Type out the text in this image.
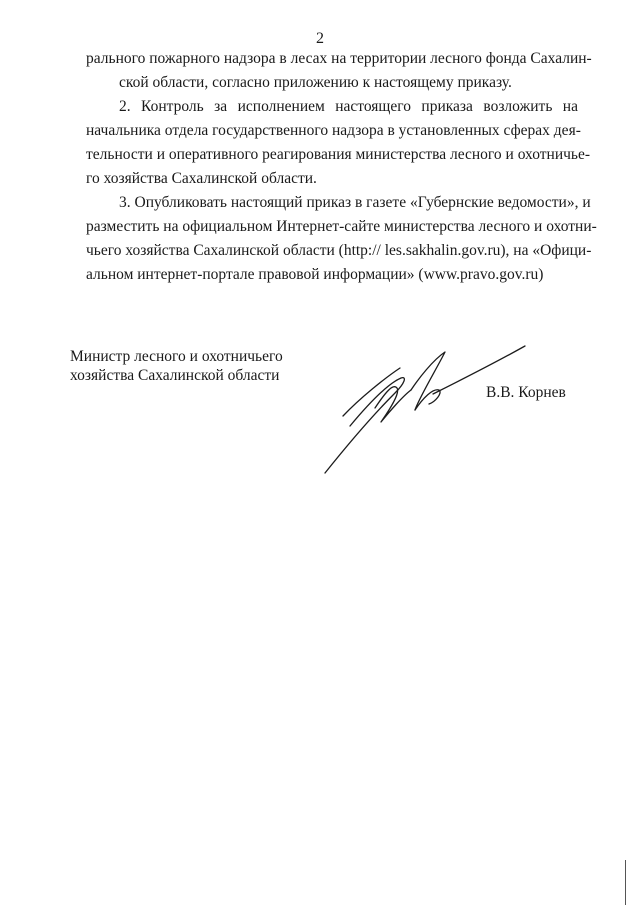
2
рального пожарного надзора в лесах на территории лесного фонда Сахалин-
ской области, согласно приложению к настоящему приказу.
2. Контроль за исполнением настоящего приказа возложить на
начальника отдела государственного надзора в установленных сферах дея-
тельности и оперативного реагирования министерства лесного и охотничье-
го хозяйства Сахалинской области.
3. Опубликовать настоящий приказ в газете «Губернские ведомости», и
разместить на официальном Интернет-сайте министерства лесного и охотни-
чьего хозяйства Сахалинской области (http:// les.sakhalin.gov.ru), на «Офици-
альном интернет-портале правовой информации» (www.pravo.gov.ru)
Министр лесного и охотничьего
хозяйства Сахалинской области
В.В. Корнев
